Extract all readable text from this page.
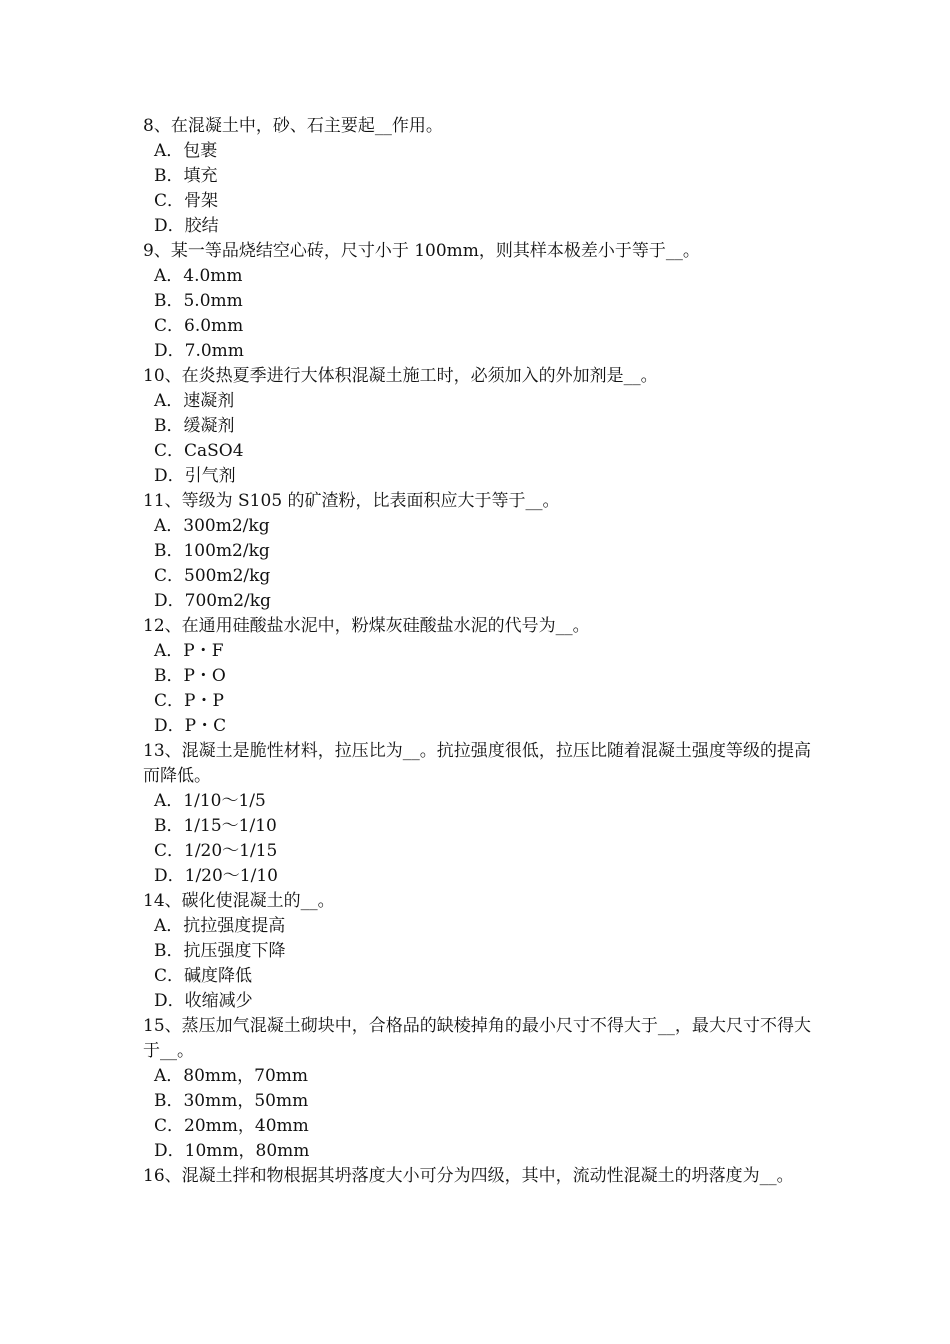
8、在混凝土中，砂、石主要起__作用。
A．包裹
B．填充
C．骨架
D．胶结
9、某一等品烧结空心砖，尺寸小于 100mm，则其样本极差小于等于__。
A．4.0mm
B．5.0mm
C．6.0mm
D．7.0mm
10、在炎热夏季进行大体积混凝土施工时，必须加入的外加剂是__。
A．速凝剂
B．缓凝剂
C．CaSO4
D．引气剂
11、等级为 S105 的矿渣粉，比表面积应大于等于__。
A．300m2/kg
B．100m2/kg
C．500m2/kg
D．700m2/kg
12、在通用硅酸盐水泥中，粉煤灰硅酸盐水泥的代号为__。
A．P・F
B．P・O
C．P・P
D．P・C
13、混凝土是脆性材料，拉压比为__。抗拉强度很低，拉压比随着混凝土强度等级的提高而降低。
A．1/10～1/5
B．1/15～1/10
C．1/20～1/15
D．1/20～1/10
14、碳化使混凝土的__。
A．抗拉强度提高
B．抗压强度下降
C．碱度降低
D．收缩减少
15、蒸压加气混凝土砌块中，合格品的缺棱掉角的最小尺寸不得大于__，最大尺寸不得大于__。
A．80mm，70mm
B．30mm，50mm
C．20mm，40mm
D．10mm，80mm
16、混凝土拌和物根据其坍落度大小可分为四级，其中，流动性混凝土的坍落度为__。
